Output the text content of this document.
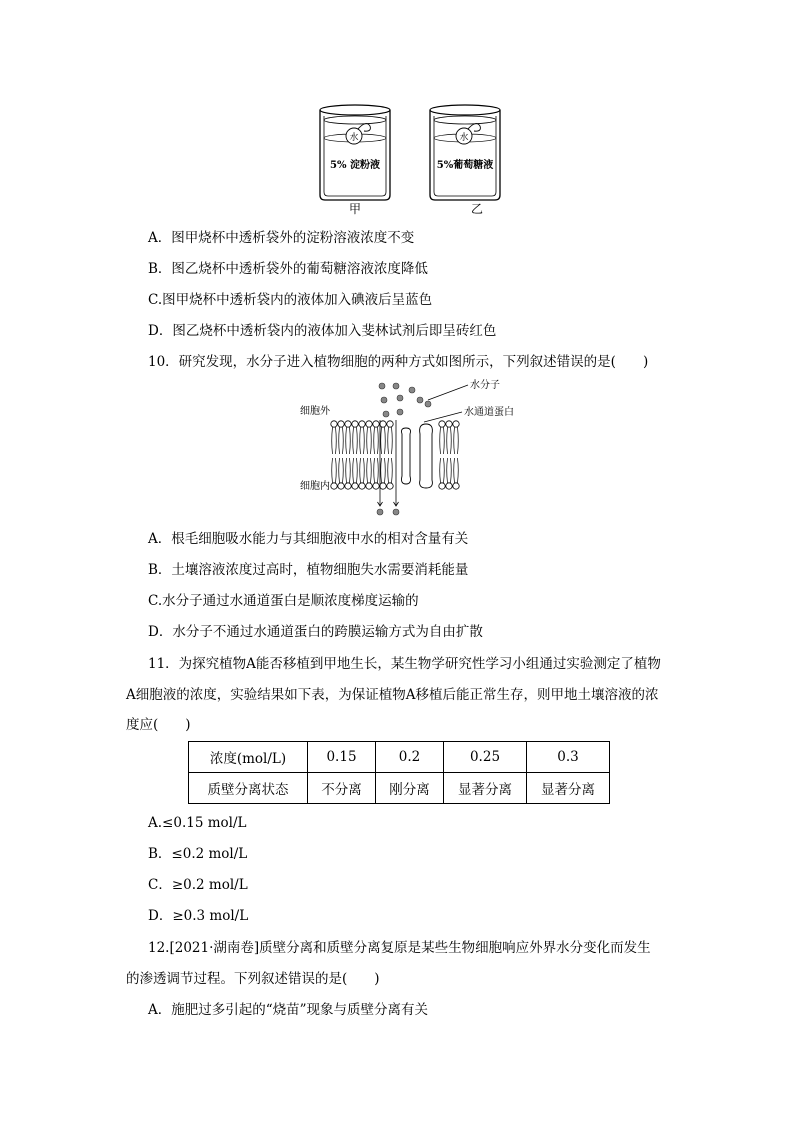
水
5% 淀粉液
水
5%葡萄糖液
甲	乙
A．图甲烧杯中透析袋外的淀粉溶液浓度不变
B．图乙烧杯中透析袋外的葡萄糖溶液浓度降低
C.图甲烧杯中透析袋内的液体加入碘液后呈蓝色
D．图乙烧杯中透析袋内的液体加入斐林试剂后即呈砖红色
10．研究发现，水分子进入植物细胞的两种方式如图所示，下列叙述错误的是(　　)
细胞外
细胞内
水分子
水通道蛋白
A．根毛细胞吸水能力与其细胞液中水的相对含量有关
B．土壤溶液浓度过高时，植物细胞失水需要消耗能量
C.水分子通过水通道蛋白是顺浓度梯度运输的
D．水分子不通过水通道蛋白的跨膜运输方式为自由扩散
11．为探究植物A能否移植到甲地生长，某生物学研究性学习小组通过实验测定了植物
A细胞液的浓度，实验结果如下表，为保证植物A移植后能正常生存，则甲地土壤溶液的浓
度应(　　)
浓度(mol/L)	0.15	0.2	0.25	0.3
质壁分离状态	不分离	刚分离	显著分离	显著分离
A.≤0.15 mol/L
B．≤0.2 mol/L
C．≥0.2 mol/L
D．≥0.3 mol/L
12.[2021·湖南卷]质壁分离和质壁分离复原是某些生物细胞响应外界水分变化而发生
的渗透调节过程。下列叙述错误的是(　　)
A．施肥过多引起的“烧苗”现象与质壁分离有关
